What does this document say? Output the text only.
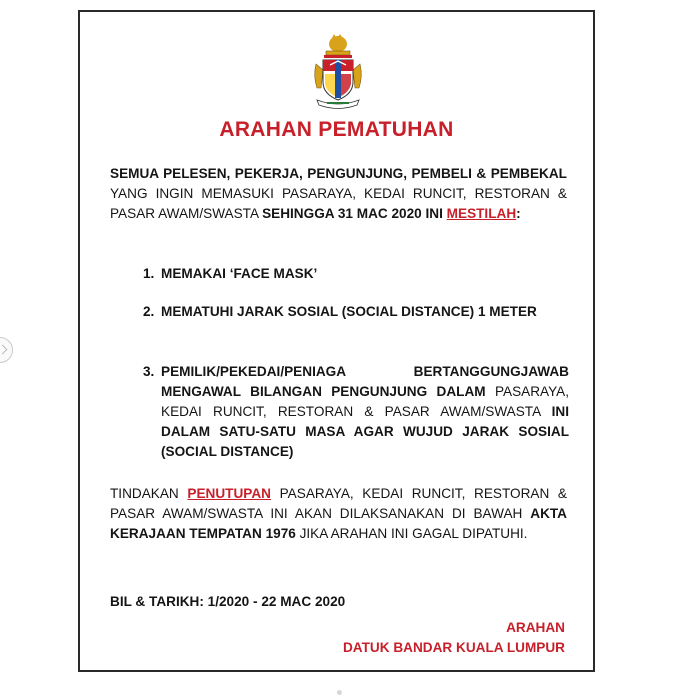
ARAHAN PEMATUHAN

SEMUA PELESEN, PEKERJA, PENGUNJUNG, PEMBELI & PEMBEKAL YANG INGIN MEMASUKI PASARAYA, KEDAI RUNCIT, RESTORAN & PASAR AWAM/SWASTA SEHINGGA 31 MAC 2020 INI MESTILAH:

1. MEMAKAI ‘FACE MASK’
2. MEMATUHI JARAK SOSIAL (SOCIAL DISTANCE) 1 METER
3. PEMILIK/PEKEDAI/PENIAGA BERTANGGUNGJAWAB MENGAWAL BILANGAN PENGUNJUNG DALAM PASARAYA, KEDAI RUNCIT, RESTORAN & PASAR AWAM/SWASTA INI DALAM SATU-SATU MASA AGAR WUJUD JARAK SOSIAL (SOCIAL DISTANCE)

TINDAKAN PENUTUPAN PASARAYA, KEDAI RUNCIT, RESTORAN & PASAR AWAM/SWASTA INI AKAN DILAKSANAKAN DI BAWAH AKTA KERAJAAN TEMPATAN 1976 JIKA ARAHAN INI GAGAL DIPATUHI.

BIL & TARIKH: 1/2020 - 22 MAC 2020

ARAHAN
DATUK BANDAR KUALA LUMPUR
